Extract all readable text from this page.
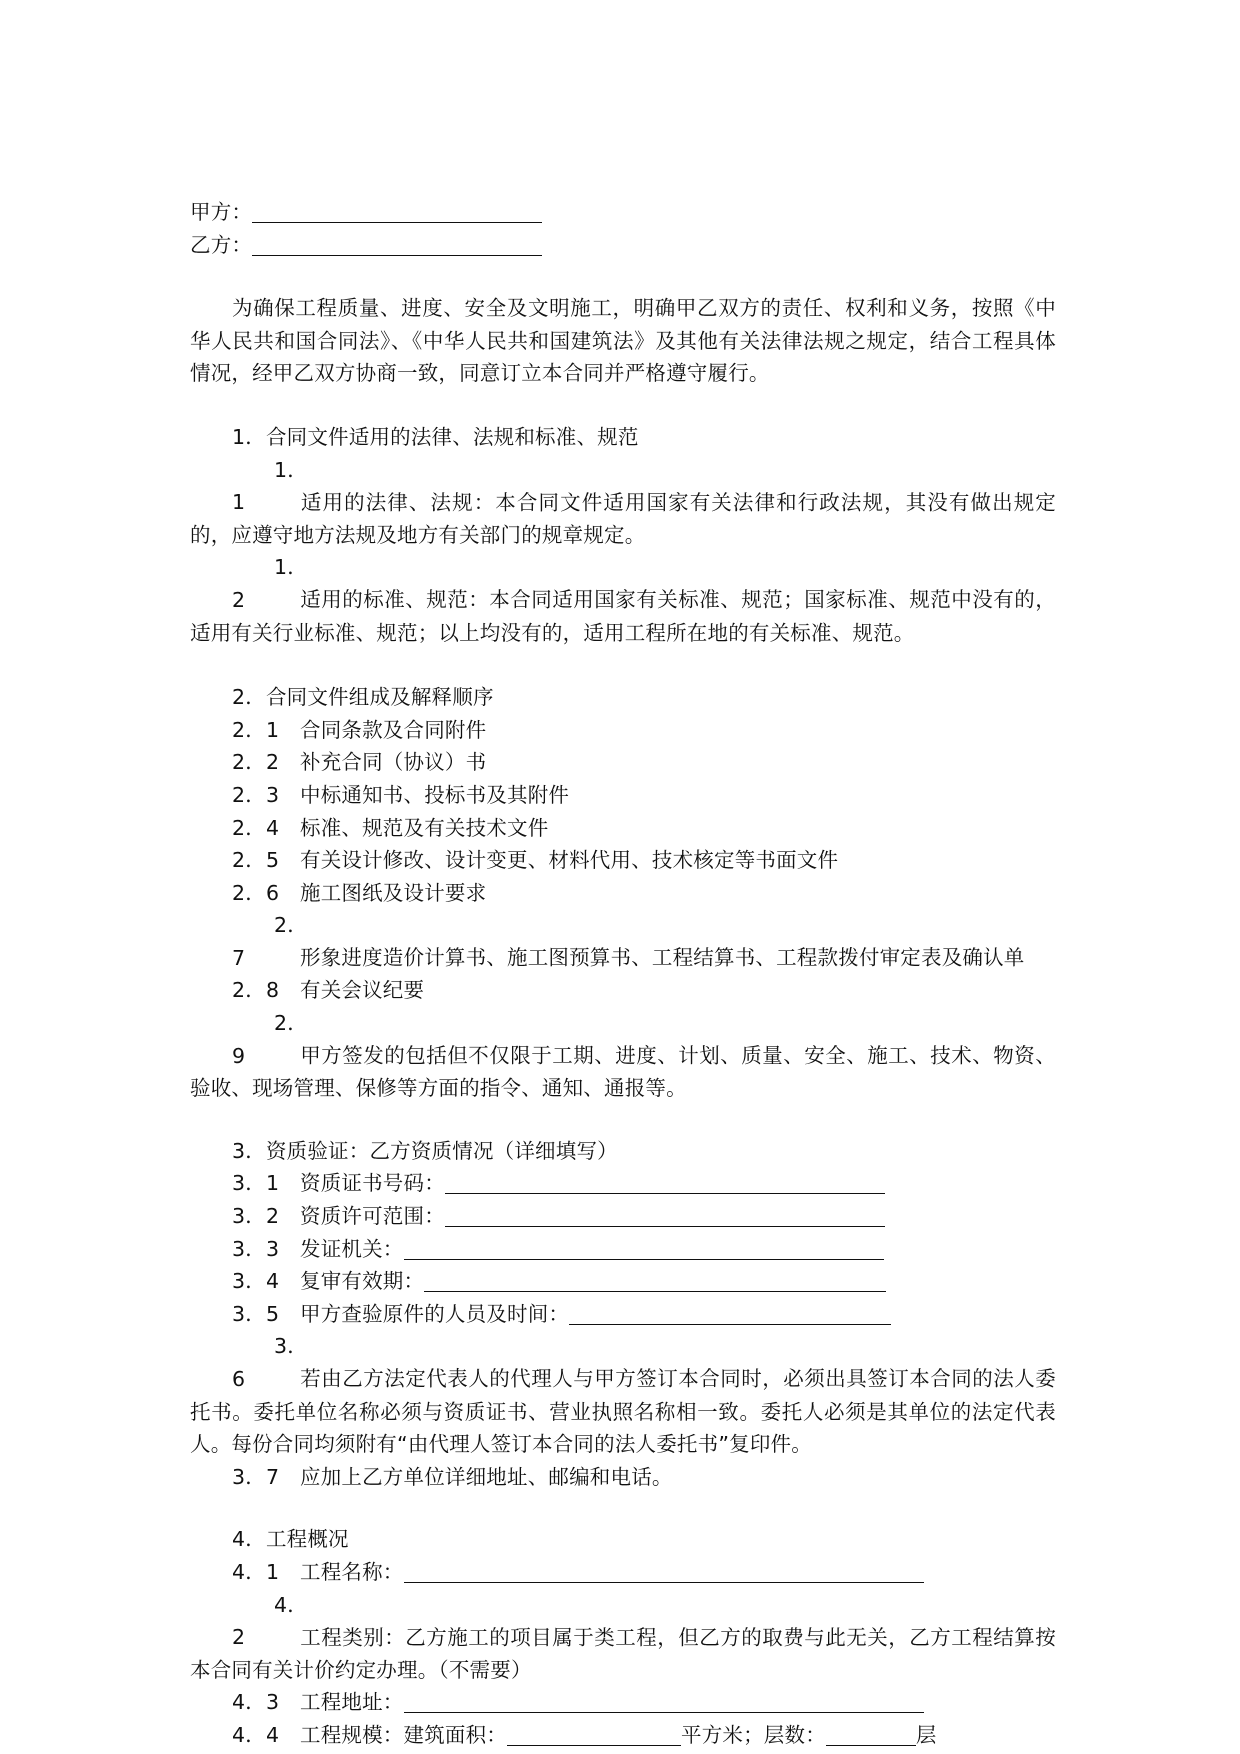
甲方：
乙方：
为确保工程质量、进度、安全及文明施工，明确甲乙双方的责任、权利和义务，按照《中华人民共和国合同法》、《中华人民共和国建筑法》及其他有关法律法规之规定，结合工程具体情况，经甲乙双方协商一致，同意订立本合同并严格遵守履行。
1．合同文件适用的法律、法规和标准、规范
1．1	适用的法律、法规：本合同文件适用国家有关法律和行政法规，其没有做出规定的，应遵守地方法规及地方有关部门的规章规定。
1．2	适用的标准、规范：本合同适用国家有关标准、规范；国家标准、规范中没有的，适用有关行业标准、规范；以上均没有的，适用工程所在地的有关标准、规范。
2．合同文件组成及解释顺序
2．1 合同条款及合同附件
2．2 补充合同（协议）书
2．3 中标通知书、投标书及其附件
2．4 标准、规范及有关技术文件
2．5 有关设计修改、设计变更、材料代用、技术核定等书面文件
2．6 施工图纸及设计要求
2．7	形象进度造价计算书、施工图预算书、工程结算书、工程款拨付审定表及确认单
2．8 有关会议纪要
2．9	甲方签发的包括但不仅限于工期、进度、计划、质量、安全、施工、技术、物资、验收、现场管理、保修等方面的指令、通知、通报等。
3．资质验证：乙方资质情况（详细填写）
3．1 资质证书号码：
3．2 资质许可范围：
3．3 发证机关：
3．4 复审有效期：
3．5 甲方查验原件的人员及时间：
3．6	若由乙方法定代表人的代理人与甲方签订本合同时，必须出具签订本合同的法人委托书。委托单位名称必须与资质证书、营业执照名称相一致。委托人必须是其单位的法定代表人。每份合同均须附有“由代理人签订本合同的法人委托书”复印件。
3．7 应加上乙方单位详细地址、邮编和电话。
4．工程概况
4．1 工程名称：
4．2	工程类别：乙方施工的项目属于类工程，但乙方的取费与此无关，乙方工程结算按本合同有关计价约定办理。（不需要）
4．3 工程地址：
4．4 工程规模：建筑面积：	平方米；层数：	层
